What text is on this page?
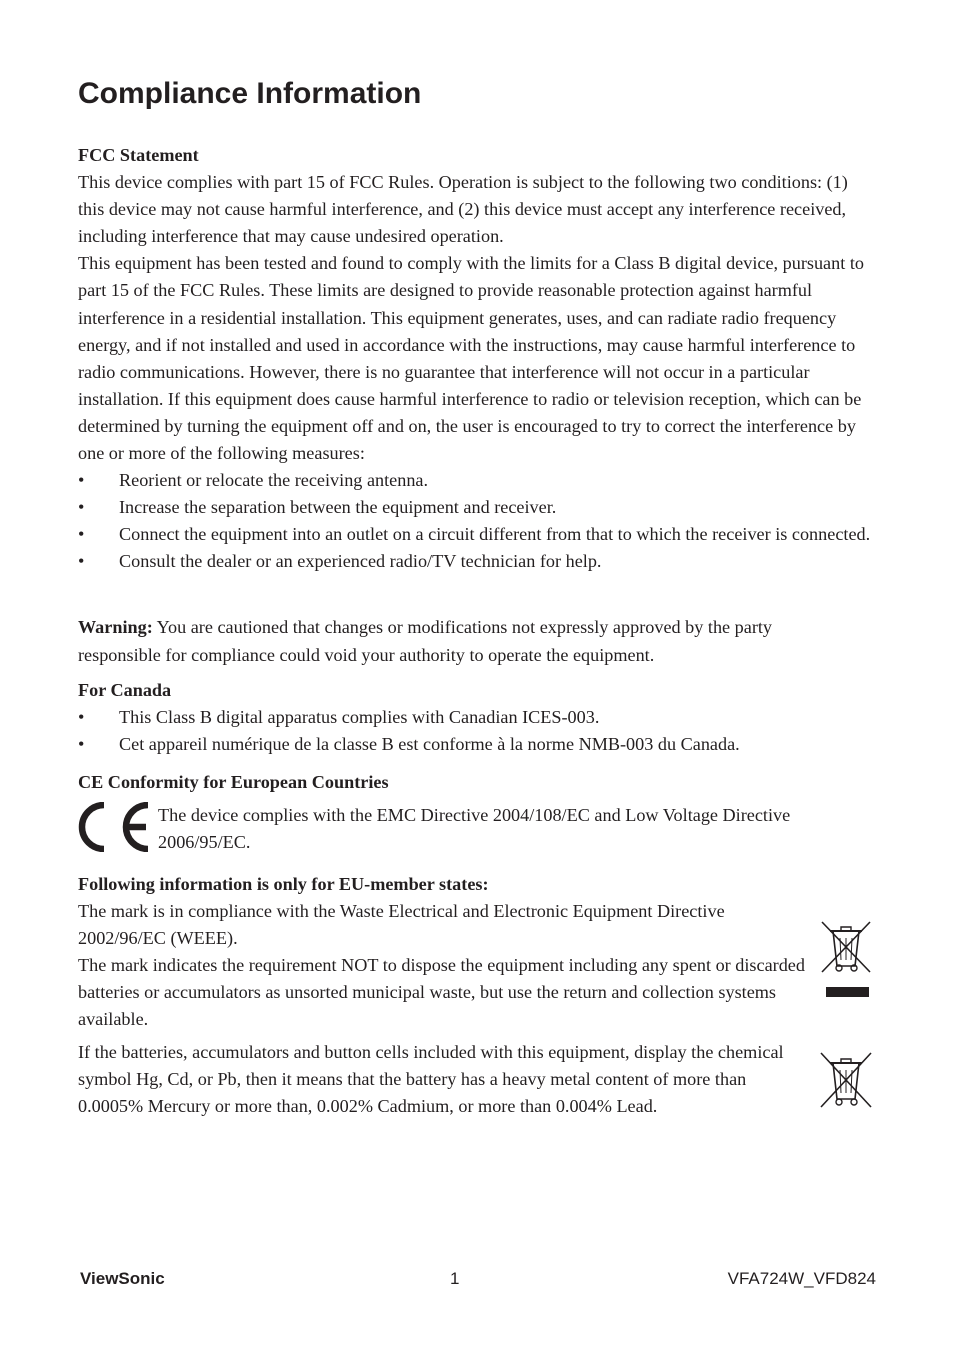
Compliance Information

FCC Statement

This device complies with part 15 of FCC Rules. Operation is subject to the following two conditions: (1) this device may not cause harmful interference, and (2) this device must accept any interference received, including interference that may cause undesired operation.

This equipment has been tested and found to comply with the limits for a Class B digital device, pursuant to part 15 of the FCC Rules. These limits are designed to provide reasonable protection against harmful interference in a residential installation. This equipment generates, uses, and can radiate radio frequency energy, and if not installed and used in accordance with the instructions, may cause harmful interference to radio communications. However, there is no guarantee that interference will not occur in a particular installation. If this equipment does cause harmful interference to radio or television reception, which can be determined by turning the equipment off and on, the user is encouraged to try to correct the interference by one or more of the following measures:

• Reorient or relocate the receiving antenna.
• Increase the separation between the equipment and receiver.
• Connect the equipment into an outlet on a circuit different from that to which the receiver is connected.
• Consult the dealer or an experienced radio/TV technician for help.

Warning: You are cautioned that changes or modifications not expressly approved by the party responsible for compliance could void your authority to operate the equipment.

For Canada

• This Class B digital apparatus complies with Canadian ICES-003.
• Cet appareil numérique de la classe B est conforme à la norme NMB-003 du Canada.

CE Conformity for European Countries

The device complies with the EMC Directive 2004/108/EC and Low Voltage Directive 2006/95/EC.

Following information is only for EU-member states:

The mark is in compliance with the Waste Electrical and Electronic Equipment Directive 2002/96/EC (WEEE).

The mark indicates the requirement NOT to dispose the equipment including any spent or discarded batteries or accumulators as unsorted municipal waste, but use the return and collection systems available.

If the batteries, accumulators and button cells included with this equipment, display the chemical symbol Hg, Cd, or Pb, then it means that the battery has a heavy metal content of more than 0.0005% Mercury or more than, 0.002% Cadmium, or more than 0.004% Lead.

ViewSonic	1	VFA724W_VFD824
